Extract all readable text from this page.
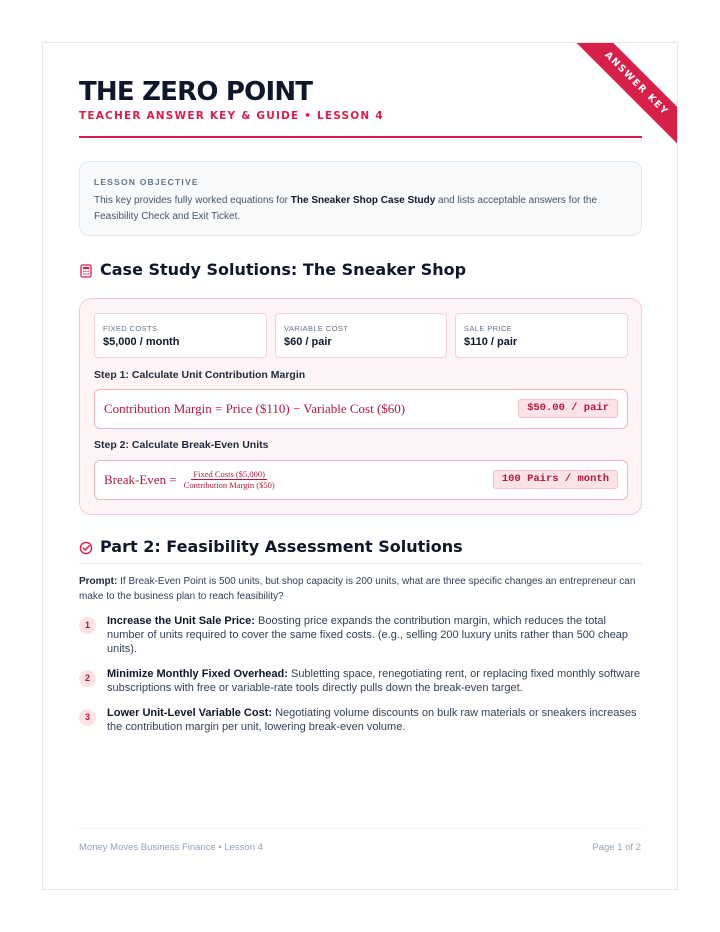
ANSWER KEY
THE ZERO POINT
TEACHER ANSWER KEY & GUIDE • LESSON 4
LESSON OBJECTIVE
This key provides fully worked equations for The Sneaker Shop Case Study and lists acceptable answers for the Feasibility Check and Exit Ticket.
Case Study Solutions: The Sneaker Shop
FIXED COSTS
$5,000 / month
VARIABLE COST
$60 / pair
SALE PRICE
$110 / pair
Step 1: Calculate Unit Contribution Margin
Contribution Margin = Price ($110) − Variable Cost ($60)	$50.00 / pair
Step 2: Calculate Break-Even Units
Break-Even = $\frac{\text{Fixed Costs (\$5,000)}}{\text{Contribution Margin (\$50)}}$	100 Pairs / month
Part 2: Feasibility Assessment Solutions
Prompt: If Break-Even Point is 500 units, but shop capacity is 200 units, what are three specific changes an entrepreneur can make to the business plan to reach feasibility?
1	Increase the Unit Sale Price: Boosting price expands the contribution margin, which reduces the total number of units required to cover the same fixed costs. (e.g., selling 200 luxury units rather than 500 cheap units).
2	Minimize Monthly Fixed Overhead: Subletting space, renegotiating rent, or replacing fixed monthly software subscriptions with free or variable-rate tools directly pulls down the break-even target.
3	Lower Unit-Level Variable Cost: Negotiating volume discounts on bulk raw materials or sneakers increases the contribution margin per unit, lowering break-even volume.
Money Moves Business Finance • Lesson 4	Page 1 of 2
